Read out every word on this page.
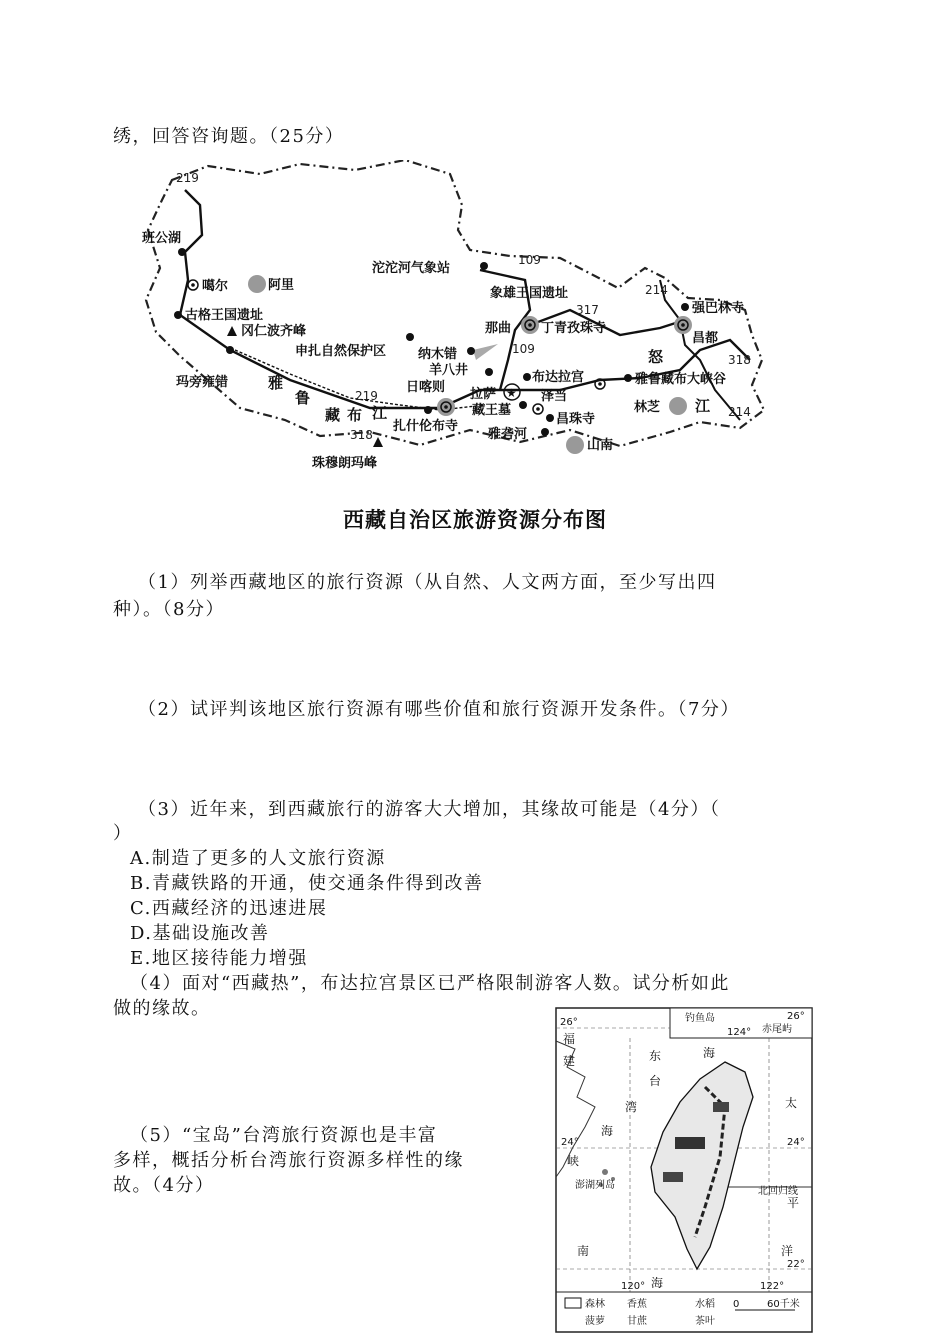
绣，回答咨询题。（25分）
219
219
109
109
317
214
318
318
214
★
班公湖
噶尔	阿里
古格王国遗址
冈仁波齐峰
玛旁雍错
沱沱河气象站
象雄王国遗址
那曲 丁青孜珠寺
强巴林寺
昌都
申扎自然保护区 纳木错
羊八井	布达拉宫
拉萨
藏王墓
泽当
昌珠寺
雅鲁藏布大峡谷
林芝
山南
日喀则
扎什伦布寺
珠穆朗玛峰
雅砻河
怒
雅
鲁
藏 布 江	江
西藏自治区旅游资源分布图
（1）列举西藏地区的旅行资源（从自然、人文两方面，至少写出四
种）。（8分）
（2）试评判该地区旅行资源有哪些价值和旅行资源开发条件。（7分）
（3）近年来，到西藏旅行的游客大大增加，其缘故可能是（4分）（
）
A.制造了更多的人文旅行资源
B.青藏铁路的开通，使交通条件得到改善
C.西藏经济的迅速进展
D.基础设施改善
E.地区接待能力增强
（4）面对“西藏热”，布达拉宫景区已严格限制游客人数。试分析如此
做的缘故。
（5）“宝岛”台湾旅行资源也是丰富
多样，概括分析台湾旅行资源多样性的缘
故。（4分）
钓鱼岛
赤尾屿
124°
26°
26°
24°	24°
22°
120°	122°
福
建	东	海
台
湾
海
峡
太
平
洋
南
海
澎湖列岛
北回归线
森林 香蕉	水稻
菠萝 甘蔗	茶叶
0	60千米
